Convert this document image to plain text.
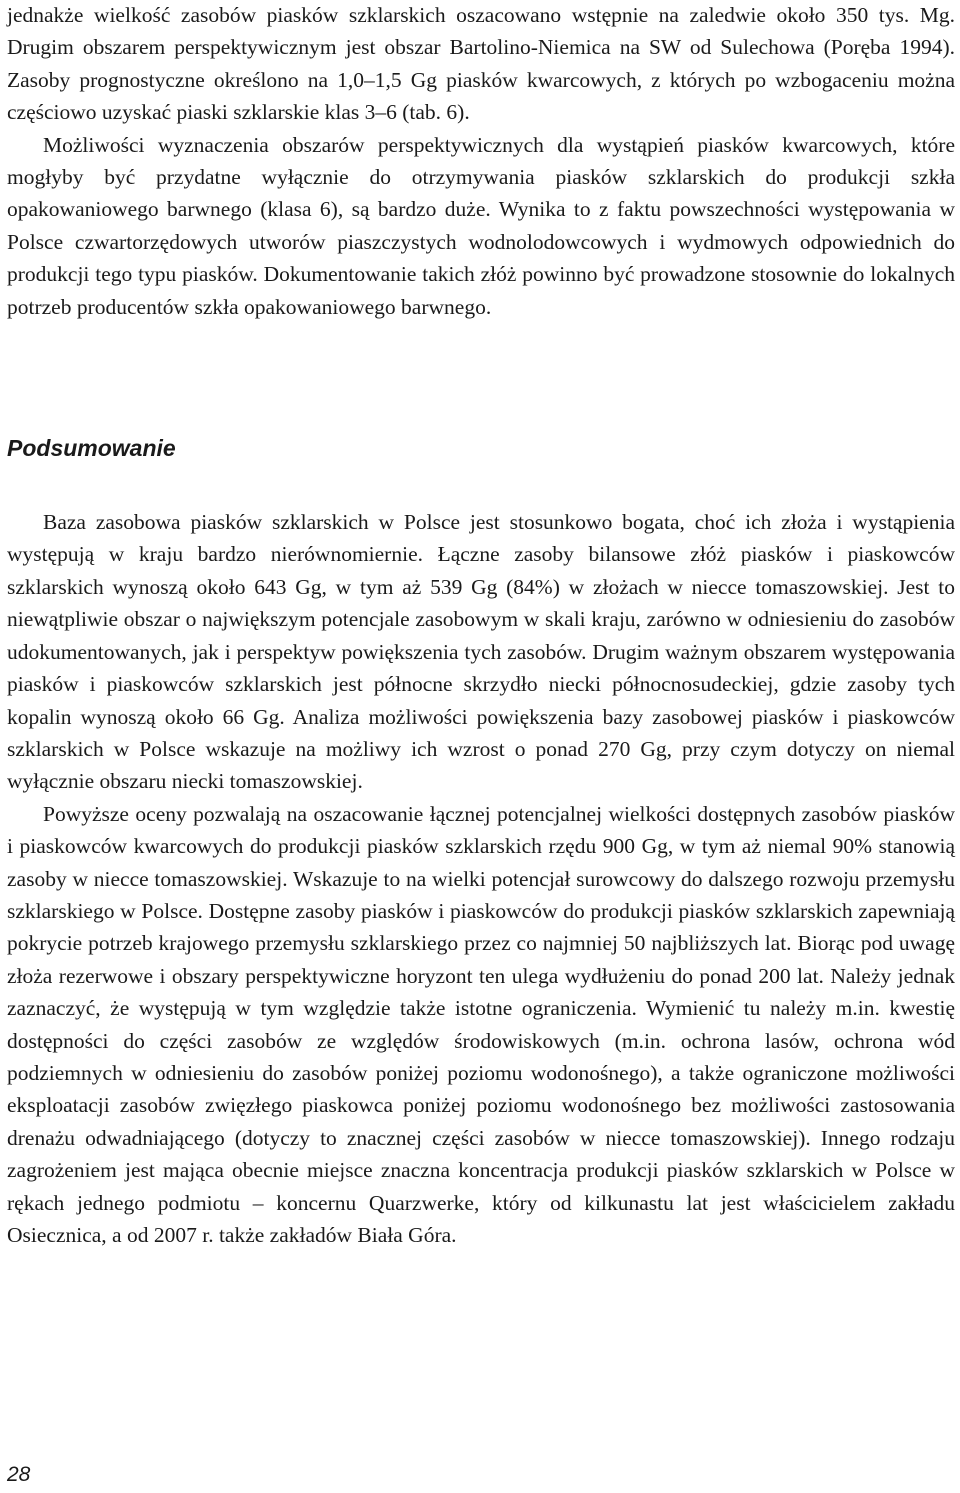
jednakże wielkość zasobów piasków szklarskich oszacowano wstępnie na zaledwie około 350 tys. Mg. Drugim obszarem perspektywicznym jest obszar Bartolino-Niemica na SW od Sulechowa (Poręba 1994). Zasoby prognostyczne określono na 1,0–1,5 Gg piasków kwarcowych, z których po wzbogaceniu można częściowo uzyskać piaski szklarskie klas 3–6 (tab. 6).

Możliwości wyznaczenia obszarów perspektywicznych dla wystąpień piasków kwarcowych, które mogłyby być przydatne wyłącznie do otrzymywania piasków szklarskich do produkcji szkła opakowaniowego barwnego (klasa 6), są bardzo duże. Wynika to z faktu powszechności występowania w Polsce czwartorzędowych utworów piaszczystych wodnolodowcowych i wydmowych odpowiednich do produkcji tego typu piasków. Dokumentowanie takich złóż powinno być prowadzone stosownie do lokalnych potrzeb producentów szkła opakowaniowego barwnego.

Podsumowanie

Baza zasobowa piasków szklarskich w Polsce jest stosunkowo bogata, choć ich złoża i wystąpienia występują w kraju bardzo nierównomiernie. Łączne zasoby bilansowe złóż piasków i piaskowców szklarskich wynoszą około 643 Gg, w tym aż 539 Gg (84%) w złożach w niecce tomaszowskiej. Jest to niewątpliwie obszar o największym potencjale zasobowym w skali kraju, zarówno w odniesieniu do zasobów udokumentowanych, jak i perspektyw powiększenia tych zasobów. Drugim ważnym obszarem występowania piasków i piaskowców szklarskich jest północne skrzydło niecki północnosudeckiej, gdzie zasoby tych kopalin wynoszą około 66 Gg. Analiza możliwości powiększenia bazy zasobowej piasków i piaskowców szklarskich w Polsce wskazuje na możliwy ich wzrost o ponad 270 Gg, przy czym dotyczy on niemal wyłącznie obszaru niecki tomaszowskiej.

Powyższe oceny pozwalają na oszacowanie łącznej potencjalnej wielkości dostępnych zasobów piasków i piaskowców kwarcowych do produkcji piasków szklarskich rzędu 900 Gg, w tym aż niemal 90% stanowią zasoby w niecce tomaszowskiej. Wskazuje to na wielki potencjał surowcowy do dalszego rozwoju przemysłu szklarskiego w Polsce. Dostępne zasoby piasków i piaskowców do produkcji piasków szklarskich zapewniają pokrycie potrzeb krajowego przemysłu szklarskiego przez co najmniej 50 najbliższych lat. Biorąc pod uwagę złoża rezerwowe i obszary perspektywiczne horyzont ten ulega wydłużeniu do ponad 200 lat. Należy jednak zaznaczyć, że występują w tym względzie także istotne ograniczenia. Wymienić tu należy m.in. kwestię dostępności do części zasobów ze względów środowiskowych (m.in. ochrona lasów, ochrona wód podziemnych w odniesieniu do zasobów poniżej poziomu wodonośnego), a także ograniczone możliwości eksploatacji zasobów zwięzłego piaskowca poniżej poziomu wodonośnego bez możliwości zastosowania drenażu odwadniającego (dotyczy to znacznej części zasobów w niecce tomaszowskiej). Innego rodzaju zagrożeniem jest mająca obecnie miejsce znaczna koncentracja produkcji piasków szklarskich w Polsce w rękach jednego podmiotu – koncernu Quarzwerke, który od kilkunastu lat jest właścicielem zakładu Osiecznica, a od 2007 r. także zakładów Biała Góra.

28
